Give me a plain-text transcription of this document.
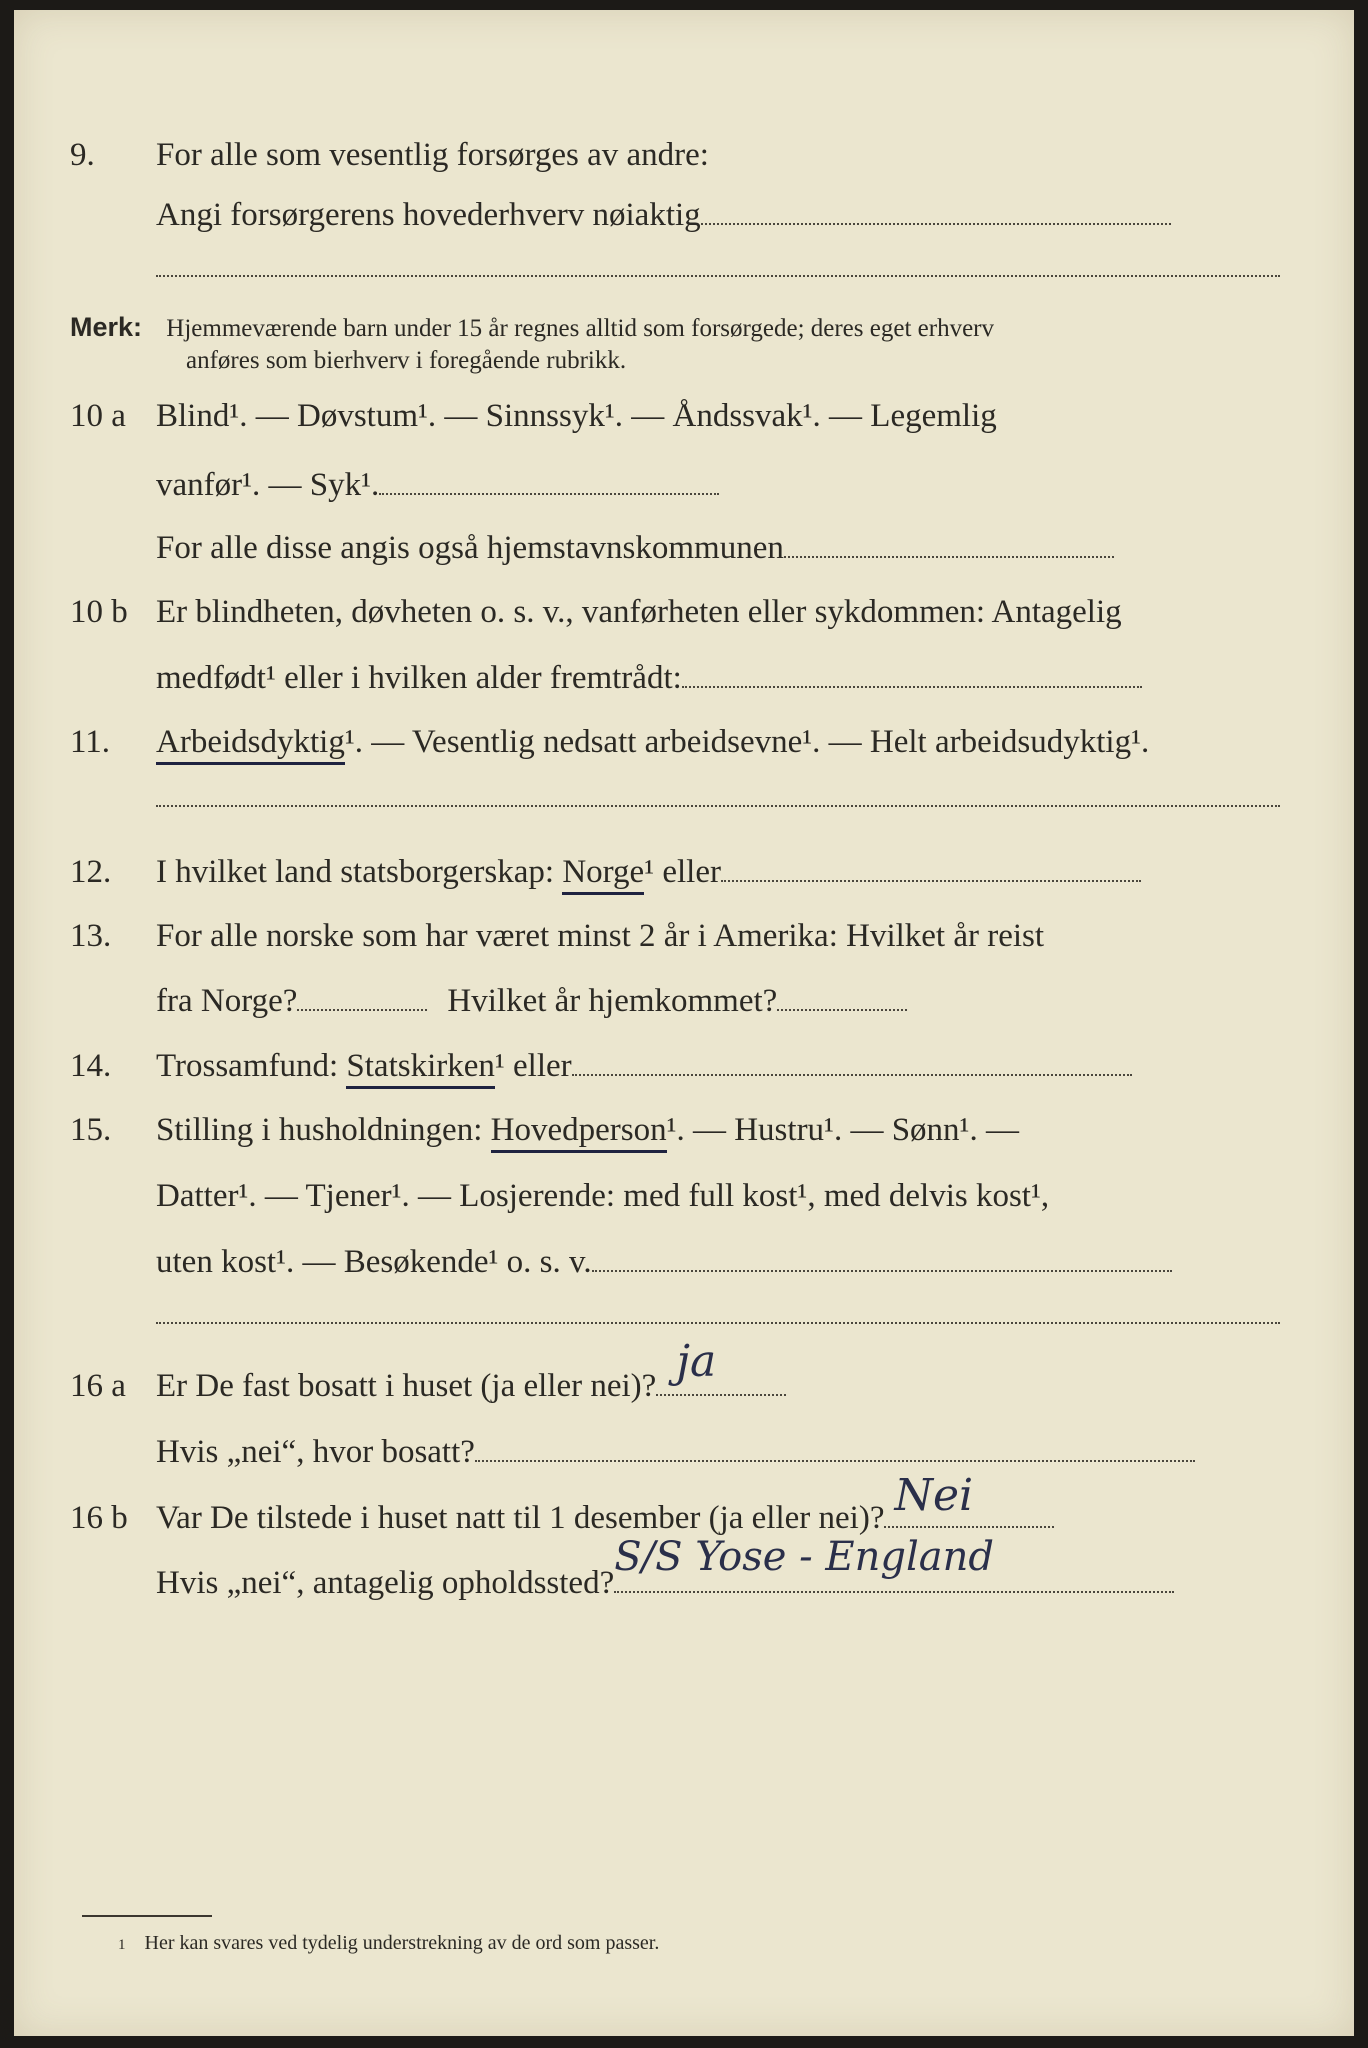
9. For alle som vesentlig forsørges av andre:
Angi forsørgerens hovederhverv nøiaktig
Merk: Hjemmeværende barn under 15 år regnes alltid som forsørgede; deres eget erhverv
anføres som bierhverv i foregående rubrikk.
10 a Blind¹. — Døvstum¹. — Sinnssyk¹. — Åndssvak¹. — Legemlig
vanfør¹. — Syk¹.
For alle disse angis også hjemstavnskommunen
10 b Er blindheten, døvheten o. s. v., vanførheten eller sykdommen: Antagelig
medfødt¹ eller i hvilken alder fremtrådt:
11. Arbeidsdyktig¹. — Vesentlig nedsatt arbeidsevne¹. — Helt arbeidsudyktig¹.
12. I hvilket land statsborgerskap: Norge¹ eller
13. For alle norske som har været minst 2 år i Amerika: Hvilket år reist
fra Norge?	Hvilket år hjemkommet?
14. Trossamfund: Statskirken¹ eller
15. Stilling i husholdningen: Hovedperson¹. — Hustru¹. — Sønn¹. —
Datter¹. — Tjener¹. — Losjerende: med full kost¹, med delvis kost¹,
uten kost¹. — Besøkende¹ o. s. v.
16 a Er De fast bosatt i huset (ja eller nei)? ja
Hvis „nei“, hvor bosatt?
16 b Var De tilstede i huset natt til 1 desember (ja eller nei)? Nei
Hvis „nei“, antagelig opholdssted?
S/S Yose - England
1 Her kan svares ved tydelig understrekning av de ord som passer.
